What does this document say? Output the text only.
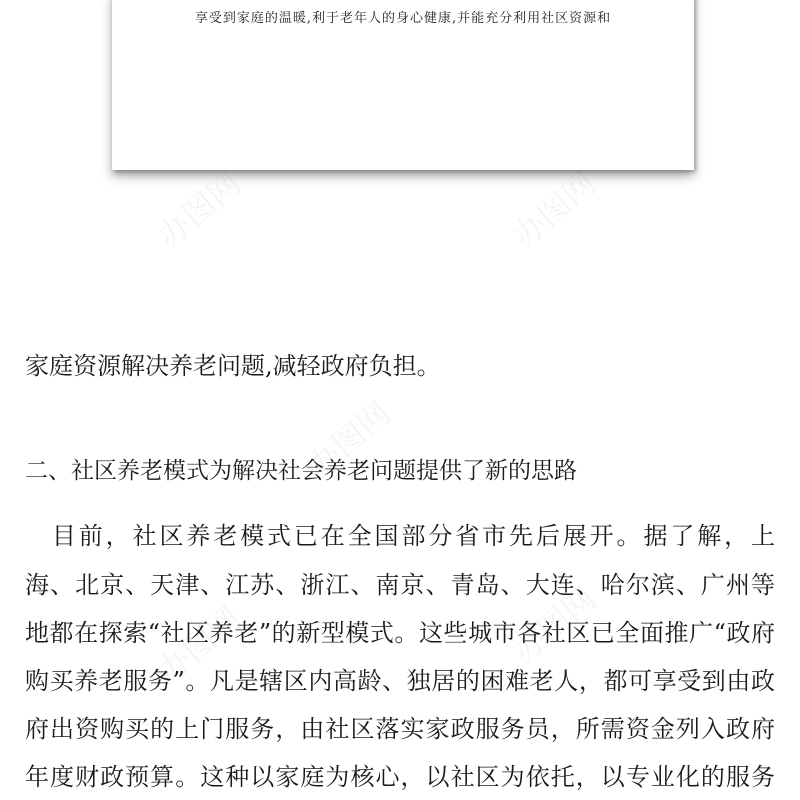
享受到家庭的温暖,利于老年人的身心健康,并能充分利用社区资源和

家庭资源解决养老问题,减轻政府负担。

二、社区养老模式为解决社会养老问题提供了新的思路

　目前，社区养老模式已在全国部分省市先后展开。据了解，上

海、北京、天津、江苏、浙江、南京、青岛、大连、哈尔滨、广州等

地都在探索“社区养老”的新型模式。这些城市各社区已全面推广“政府

购买养老服务”。凡是辖区内高龄、独居的困难老人，都可享受到由政

府出资购买的上门服务，由社区落实家政服务员，所需资金列入政府

年度财政预算。这种以家庭为核心，以社区为依托，以专业化的服务
